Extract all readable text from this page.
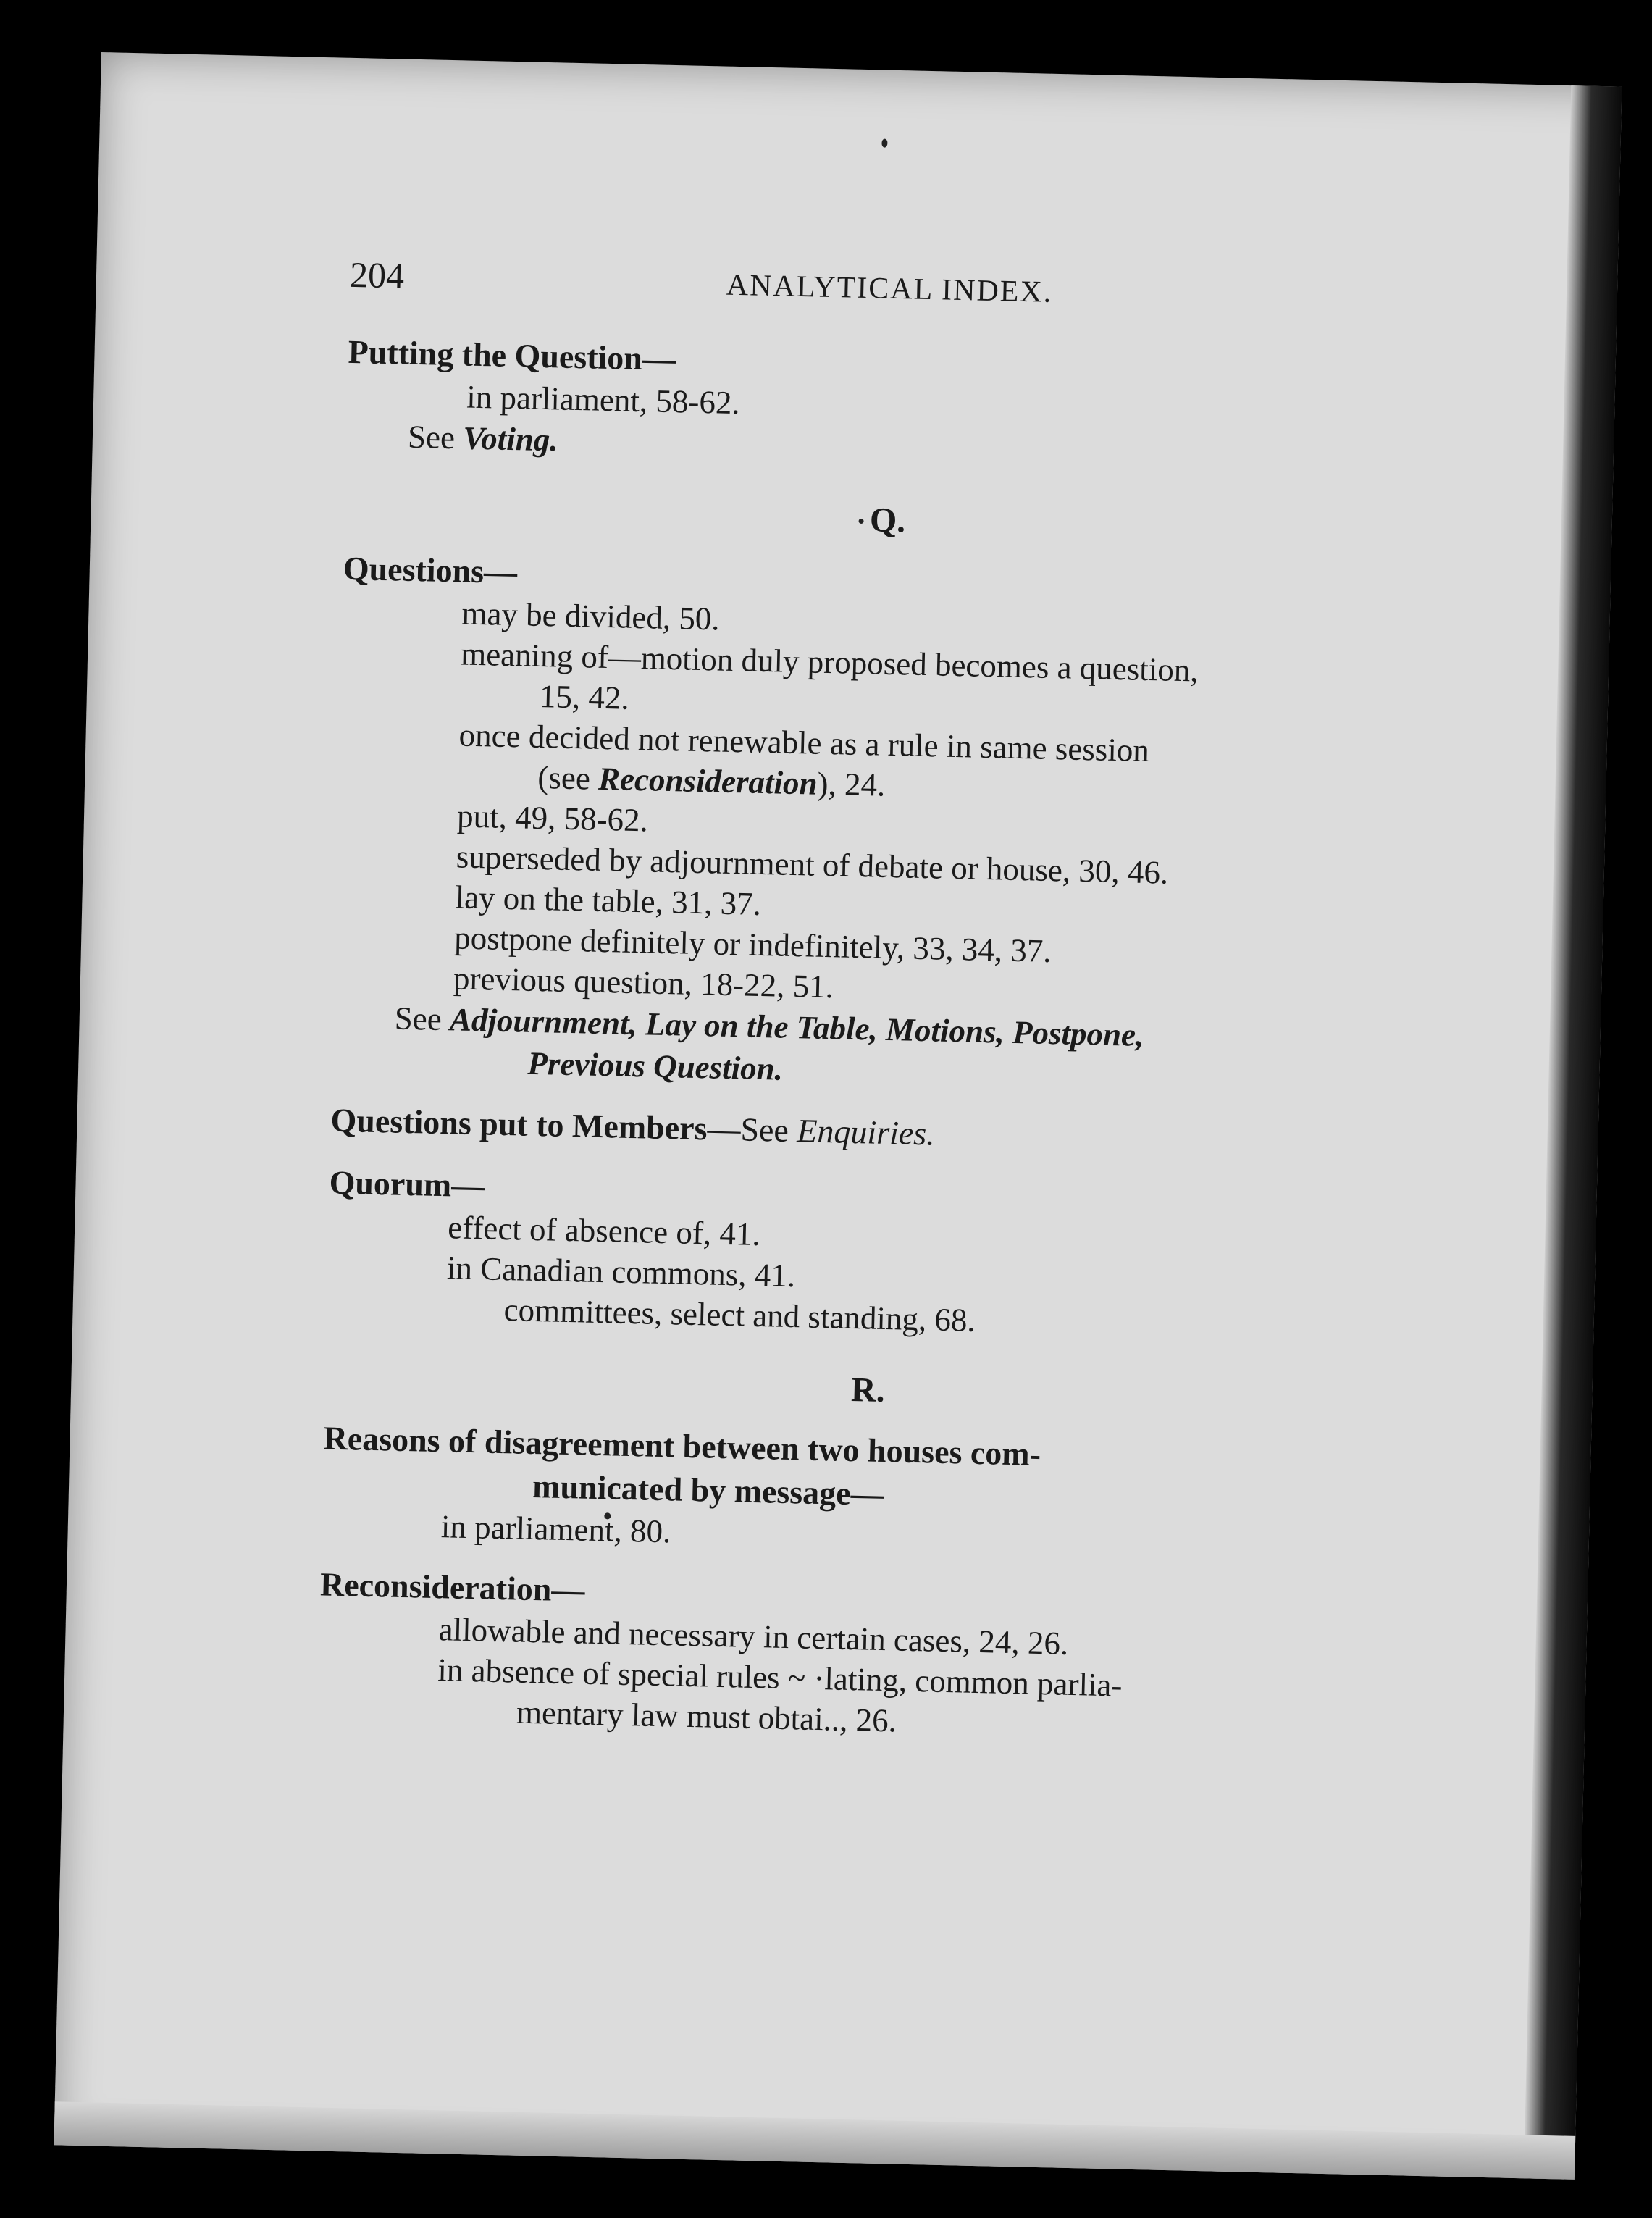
204	ANALYTICAL INDEX.
Putting the Question—
in parliament, 58-62.
See Voting.
Q.
Questions—
may be divided, 50.
meaning of—motion duly proposed becomes a question,
15, 42.
once decided not renewable as a rule in same session
(see Reconsideration), 24.
put, 49, 58-62.
superseded by adjournment of debate or house, 30, 46.
lay on the table, 31, 37.
postpone definitely or indefinitely, 33, 34, 37.
previous question, 18-22, 51.
See Adjournment, Lay on the Table, Motions, Postpone,
Previous Question.
Questions put to Members—See Enquiries.
Quorum—
effect of absence of, 41.
in Canadian commons, 41.
committees, select and standing, 68.
R.
Reasons of disagreement between two houses com-
municated by message—
in parliament, 80.
Reconsideration—
allowable and necessary in certain cases, 24, 26.
in absence of special rules ~ ·lating, common parlia-
mentary law must obtai.., 26.
